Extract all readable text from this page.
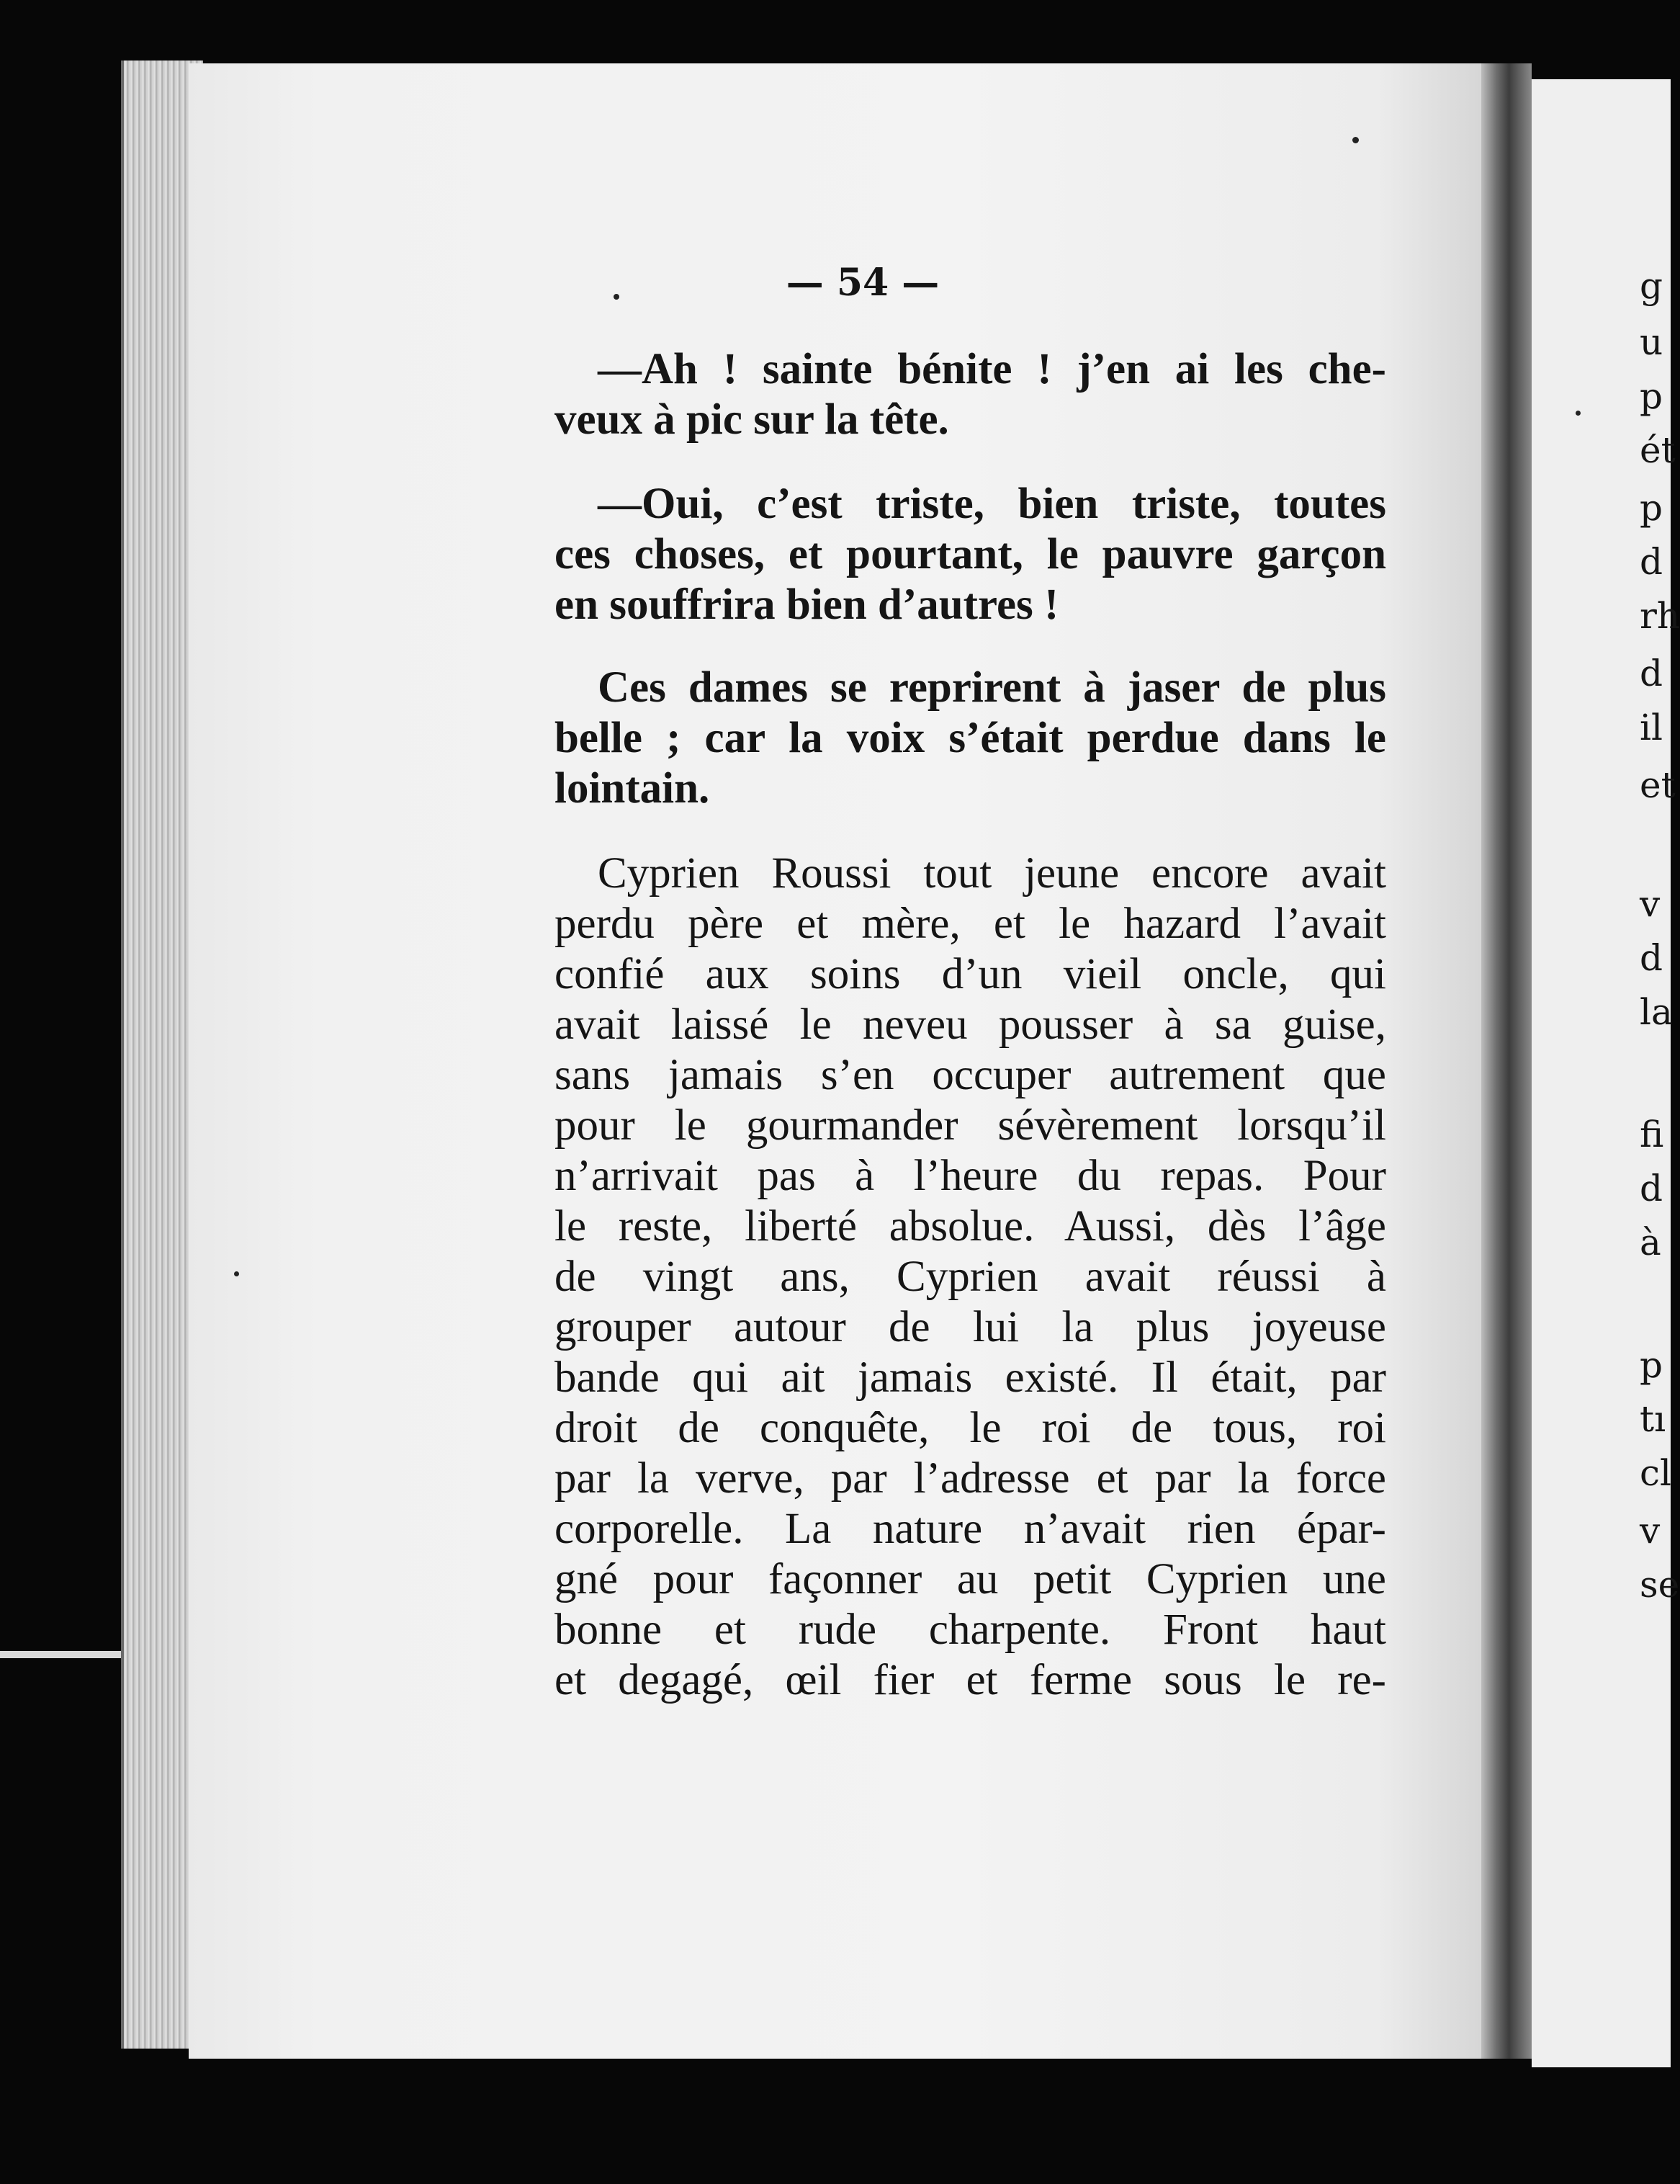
g
u
p
ét
p
d
rh
d
il
et
v
d
la
fi
d
à
p
tı
cl
v
se
— 54 —
—Ah ! sainte bénite ! j’en ai les che-
veux à pic sur la tête.
—Oui, c’est triste, bien triste, toutes
ces choses, et pourtant, le pauvre garçon
en souffrira bien d’autres !
Ces dames se reprirent à jaser de plus
belle ; car la voix s’était perdue dans le
lointain.
Cyprien Roussi tout jeune encore avait
perdu père et mère, et le hazard l’avait
confié aux soins d’un vieil oncle, qui
avait laissé le neveu pousser à sa guise,
sans jamais s’en occuper autrement que
pour le gourmander sévèrement lorsqu’il
n’arrivait pas à l’heure du repas. Pour
le reste, liberté absolue. Aussi, dès l’âge
de vingt ans, Cyprien avait réussi à
grouper autour de lui la plus joyeuse
bande qui ait jamais existé. Il était, par
droit de conquête, le roi de tous, roi
par la verve, par l’adresse et par la force
corporelle. La nature n’avait rien épar-
gné pour façonner au petit Cyprien une
bonne et rude charpente. Front haut
et degagé, œil fier et ferme sous le re-
